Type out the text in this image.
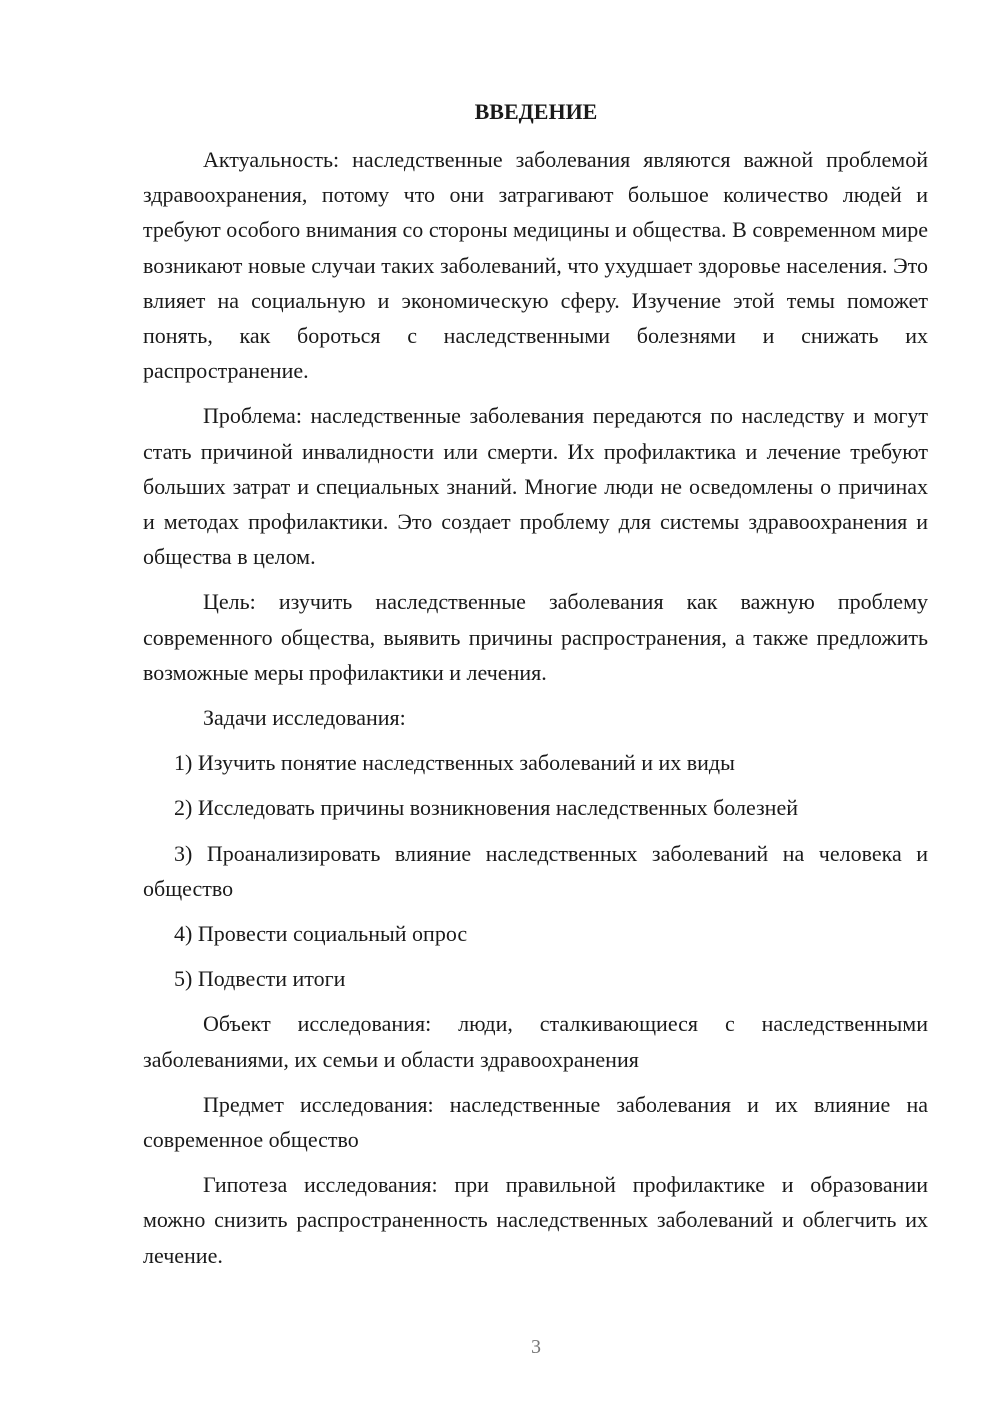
ВВЕДЕНИЕ

Актуальность: наследственные заболевания являются важной проблемой здравоохранения, потому что они затрагивают большое количество людей и требуют особого внимания со стороны медицины и общества. В современном мире возникают новые случаи таких заболеваний, что ухудшает здоровье населения. Это влияет на социальную и экономическую сферу. Изучение этой темы поможет понять, как бороться с наследственными болезнями и снижать их распространение.

Проблема: наследственные заболевания передаются по наследству и могут стать причиной инвалидности или смерти. Их профилактика и лечение требуют больших затрат и специальных знаний. Многие люди не осведомлены о причинах и методах профилактики. Это создает проблему для системы здравоохранения и общества в целом.

Цель: изучить наследственные заболевания как важную проблему современного общества, выявить причины распространения, а также предложить возможные меры профилактики и лечения.

Задачи исследования:

1) Изучить понятие наследственных заболеваний и их виды

2) Исследовать причины возникновения наследственных болезней

3) Проанализировать влияние наследственных заболеваний на человека и общество

4) Провести социальный опрос

5) Подвести итоги

Объект исследования: люди, сталкивающиеся с наследственными заболеваниями, их семьи и области здравоохранения

Предмет исследования: наследственные заболевания и их влияние на современное общество

Гипотеза исследования: при правильной профилактике и образовании можно снизить распространенность наследственных заболеваний и облегчить их лечение.

3
